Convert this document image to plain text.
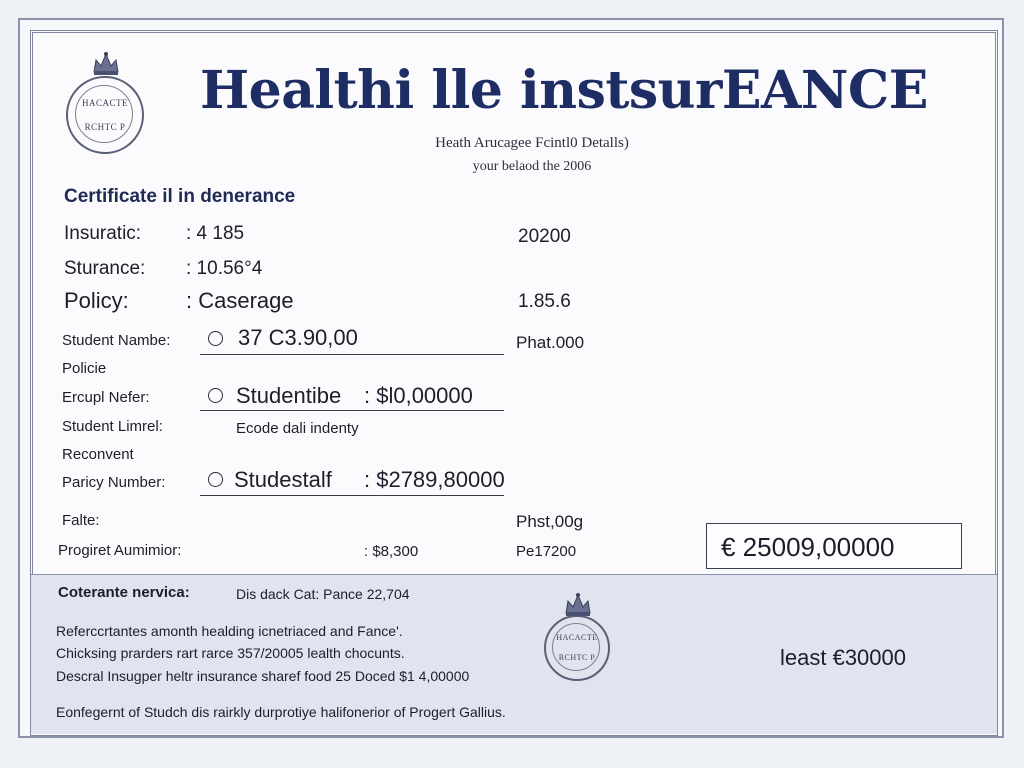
HACACTE
RCHTC P
Healthi lle instsurEANCE
Heath Arucagee Fcintl0 Detalls)
your belaod the 2006
Certificate il in denerance
Insuratic: : 4 185	20200
Sturance: : 10.56°4
Policy:	: Caserage	1.85.6
Student Nambe:	37 C3.90,00	Phat.000
Policie
Ercupl Nefer:	Studentibe : $l0,00000
Student Limrel:	Ecode dali indenty
Reconvent
Paricy Number:	Studestalf : $2789,80000
Falte:	Phst,00g
Progiret Aumimior:	: $8,300	Pe17200	€ 25009,00000
Coterante nervica:	Dis dack Cat: Pance 22,704
Referccrtantes amonth healding icnetriaced and Fance'.
Chicksing prarders rart rarce 357/20005 lealth chocunts.
Descral Insugper heltr insurance sharef food 25 Doced $1 4,00000
Eonfegernt of Studch dis rairkly durprotiye halifonerior of Progert Gallius.
least €30000
HACACTE
RCHTC P
